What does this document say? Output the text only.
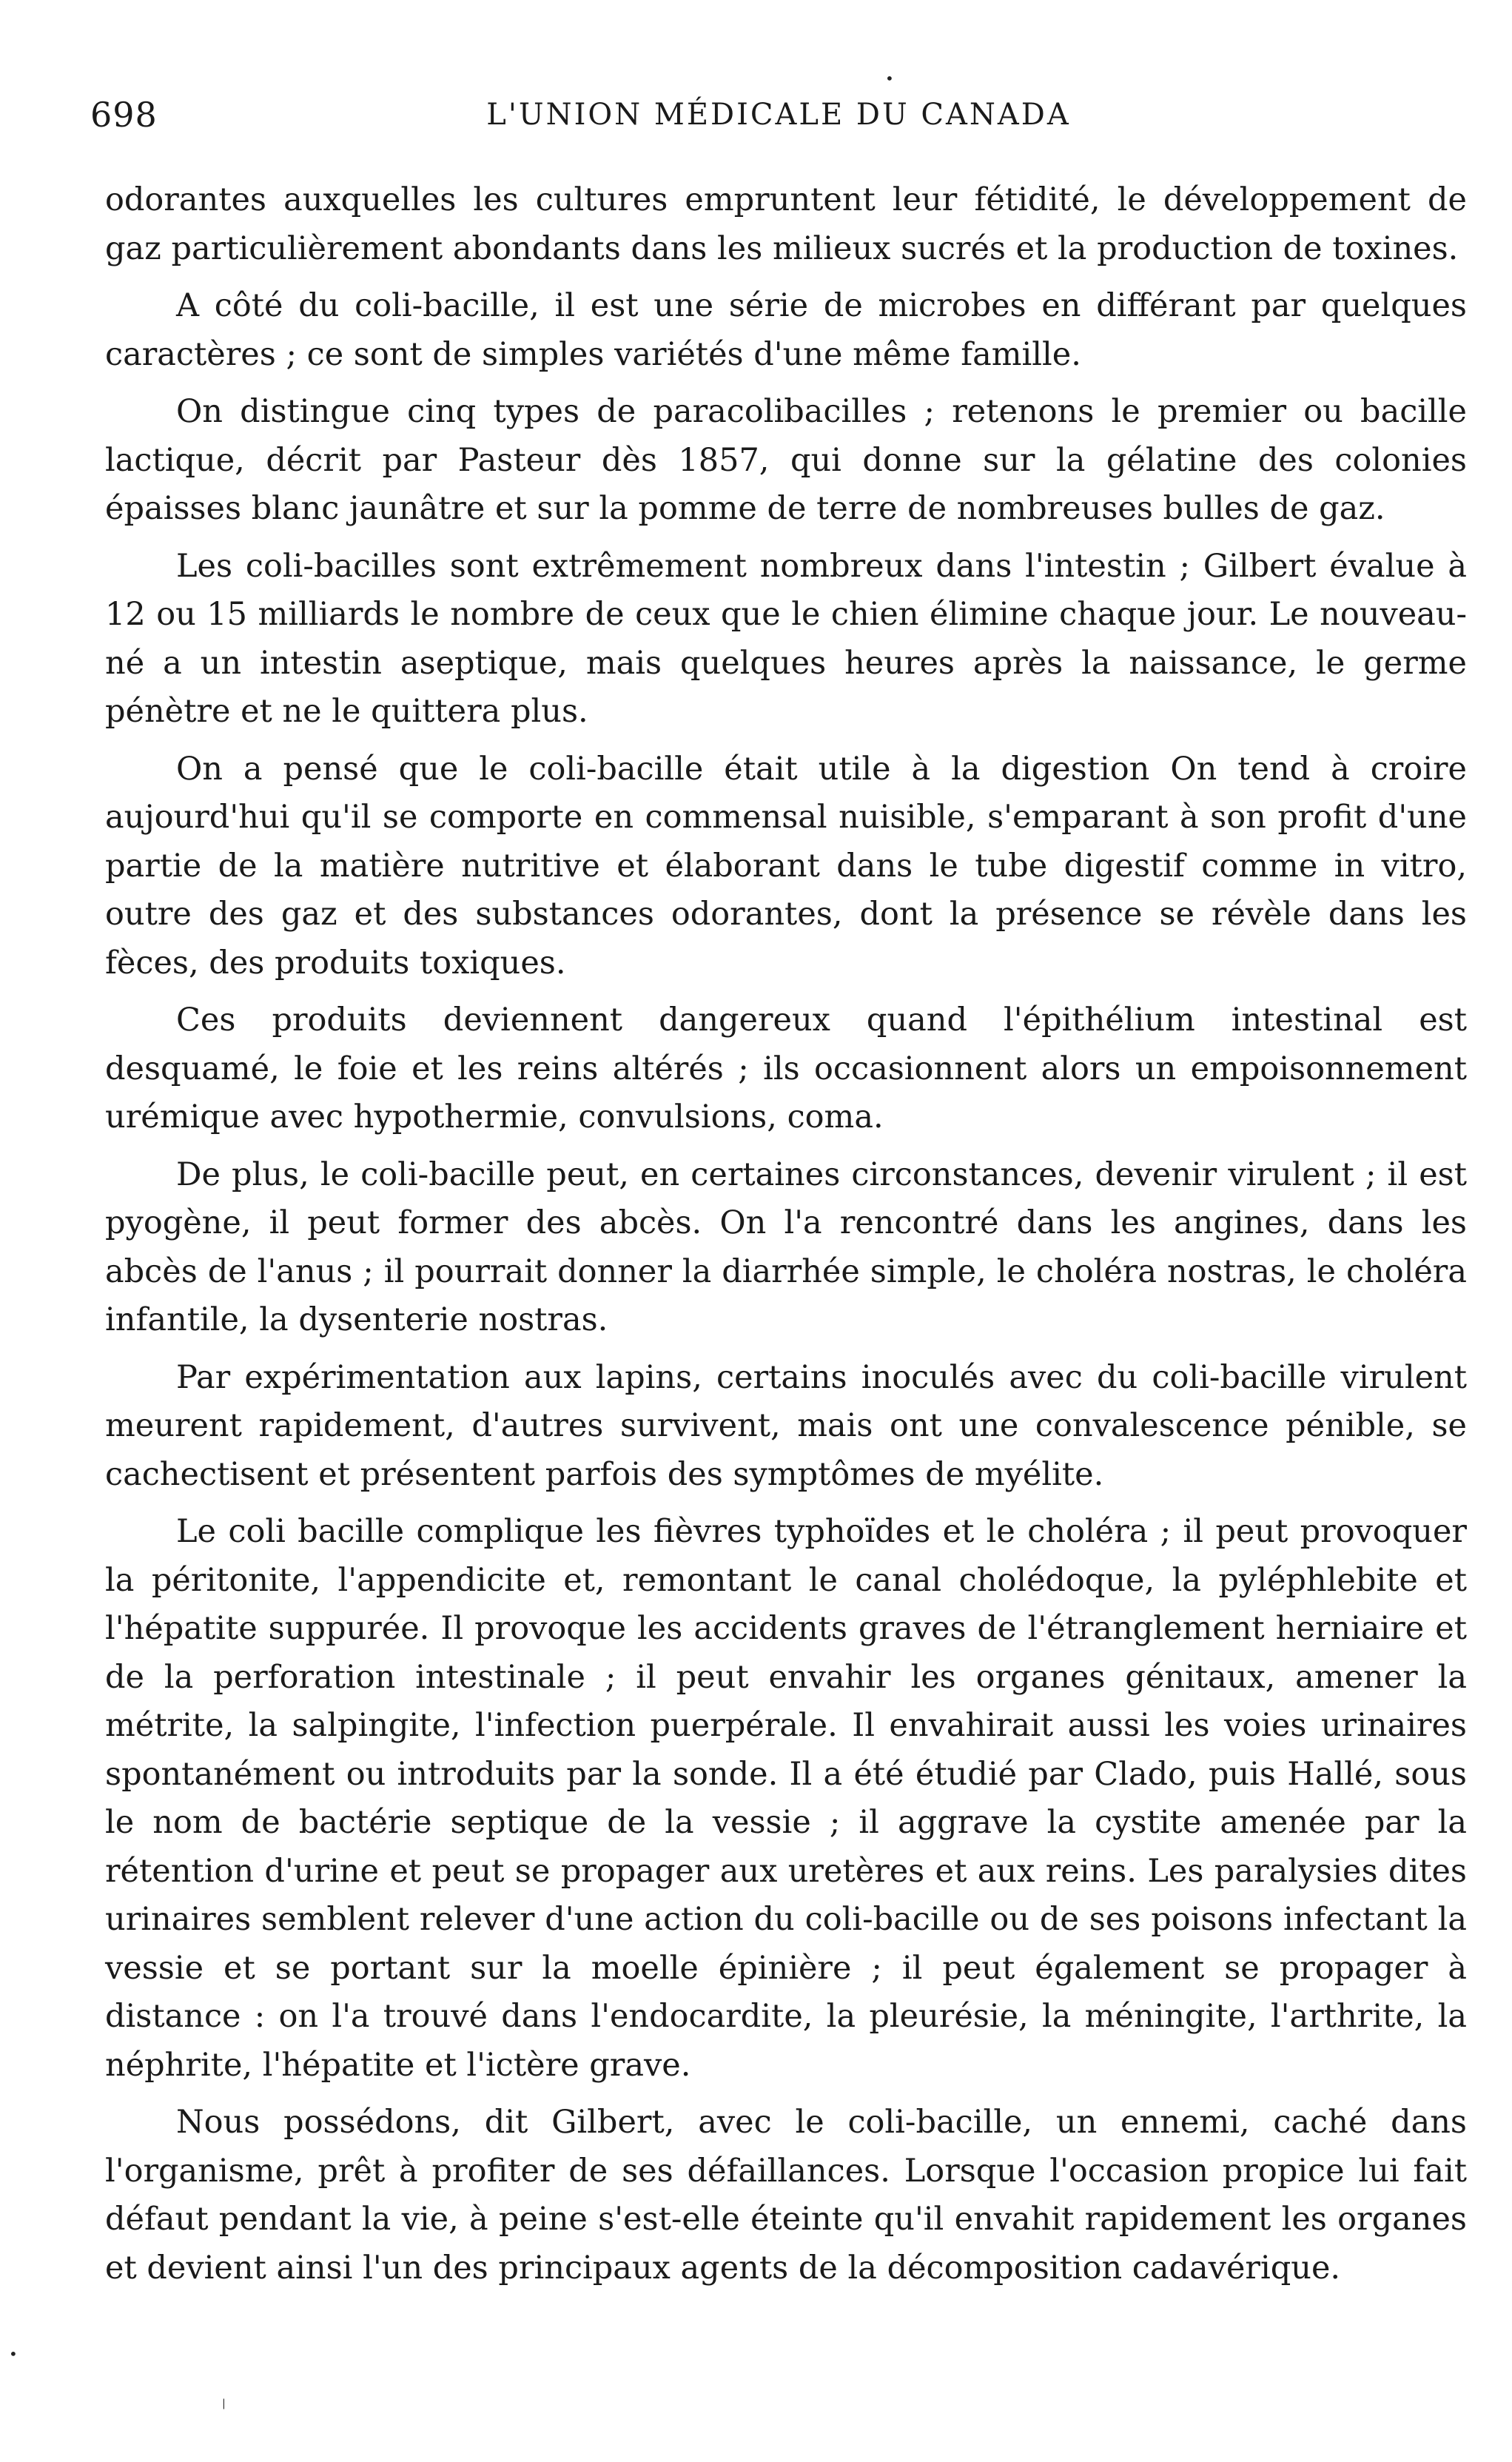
698	L'UNION MÉDICALE DU CANADA

odorantes auxquelles les cultures empruntent leur fétidité, le développement de gaz particulièrement abondants dans les milieux sucrés et la production de toxines.

A côté du coli-bacille, il est une série de microbes en différant par quelques caractères ; ce sont de simples variétés d'une même famille.

On distingue cinq types de paracolibacilles ; retenons le premier ou bacille lactique, décrit par Pasteur dès 1857, qui donne sur la gélatine des colonies épaisses blanc jaunâtre et sur la pomme de terre de nombreuses bulles de gaz.

Les coli-bacilles sont extrêmement nombreux dans l'intestin ; Gilbert évalue à 12 ou 15 milliards le nombre de ceux que le chien élimine chaque jour. Le nouveau-né a un intestin aseptique, mais quelques heures après la naissance, le germe pénètre et ne le quittera plus.

On a pensé que le coli-bacille était utile à la digestion On tend à croire aujourd'hui qu'il se comporte en commensal nuisible, s'emparant à son profit d'une partie de la matière nutritive et élaborant dans le tube digestif comme in vitro, outre des gaz et des substances odorantes, dont la présence se révèle dans les fèces, des produits toxiques.

Ces produits deviennent dangereux quand l'épithélium intestinal est desquamé, le foie et les reins altérés ; ils occasionnent alors un empoisonnement urémique avec hypothermie, convulsions, coma.

De plus, le coli-bacille peut, en certaines circonstances, devenir virulent ; il est pyogène, il peut former des abcès. On l'a rencontré dans les angines, dans les abcès de l'anus ; il pourrait donner la diarrhée simple, le choléra nostras, le choléra infantile, la dysenterie nostras.

Par expérimentation aux lapins, certains inoculés avec du coli-bacille virulent meurent rapidement, d'autres survivent, mais ont une convalescence pénible, se cachectisent et présentent parfois des symptômes de myélite.

Le coli bacille complique les fièvres typhoïdes et le choléra ; il peut provoquer la péritonite, l'appendicite et, remontant le canal cholédoque, la pyléphlebite et l'hépatite suppurée. Il provoque les accidents graves de l'étranglement herniaire et de la perforation intestinale ; il peut envahir les organes génitaux, amener la métrite, la salpingite, l'infection puerpérale. Il envahirait aussi les voies urinaires spontanément ou introduits par la sonde. Il a été étudié par Clado, puis Hallé, sous le nom de bactérie septique de la vessie ; il aggrave la cystite amenée par la rétention d'urine et peut se propager aux uretères et aux reins. Les paralysies dites urinaires semblent relever d'une action du coli-bacille ou de ses poisons infectant la vessie et se portant sur la moelle épinière ; il peut également se propager à distance : on l'a trouvé dans l'endocardite, la pleurésie, la méningite, l'arthrite, la néphrite, l'hépatite et l'ictère grave.

Nous possédons, dit Gilbert, avec le coli-bacille, un ennemi, caché dans l'organisme, prêt à profiter de ses défaillances. Lorsque l'occasion propice lui fait défaut pendant la vie, à peine s'est-elle éteinte qu'il envahit rapidement les organes et devient ainsi l'un des principaux agents de la décomposition cadavérique.

•
•
|
